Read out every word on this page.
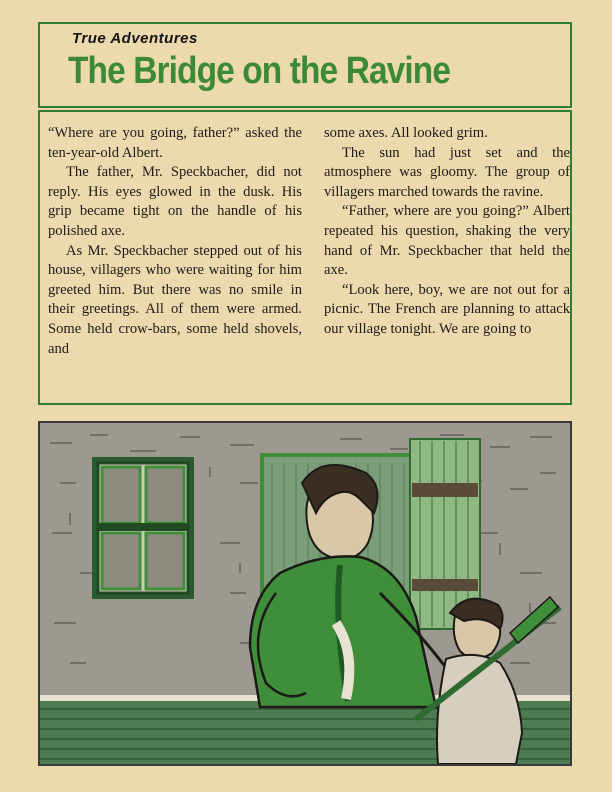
True Adventures
The Bridge on the Ravine

“Where are you going, father?” asked the ten-year-old Albert.

The father, Mr. Speckbacher, did not reply. His eyes glowed in the dusk. His grip became tight on the handle of his polished axe.

As Mr. Speckbacher stepped out of his house, villagers who were waiting for him greeted him. But there was no smile in their greetings. All of them were armed. Some held crow-bars, some held shovels, and

some axes. All looked grim.

The sun had just set and the atmosphere was gloomy. The group of villagers marched towards the ravine.

“Father, where are you going?” Albert repeated his question, shaking the very hand of Mr. Speckbacher that held the axe.

“Look here, boy, we are not out for a picnic. The French are planning to attack our village tonight. We are going to
